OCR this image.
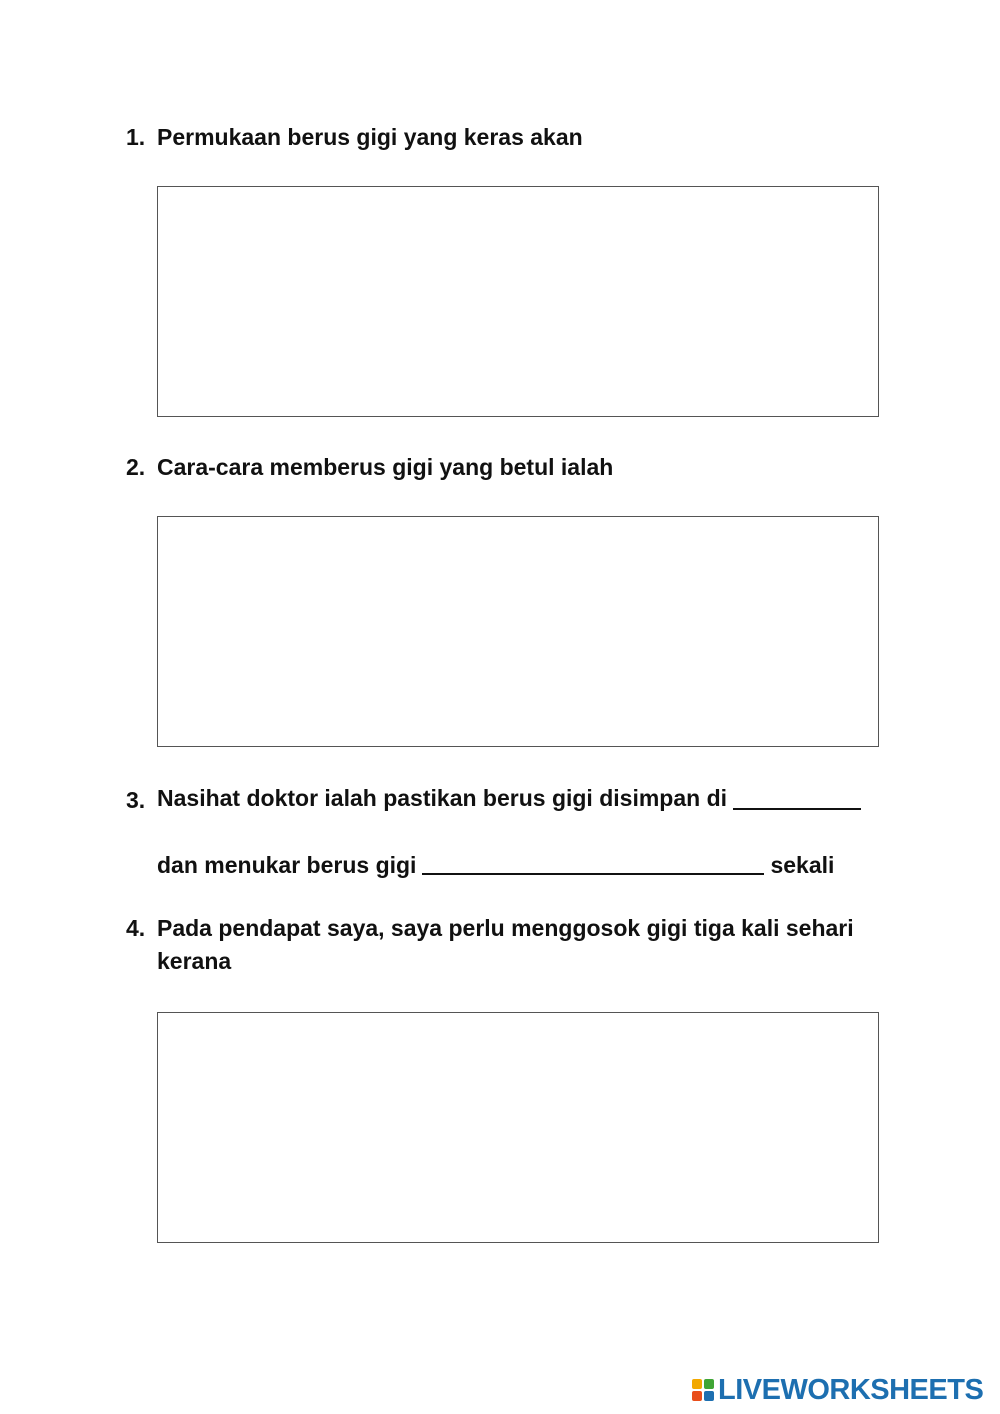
1. Permukaan berus gigi yang keras akan
2. Cara-cara memberus gigi yang betul ialah
3. Nasihat doktor ialah pastikan berus gigi disimpan di
dan menukar berus gigi	sekali
4. Pada pendapat saya, saya perlu menggosok gigi tiga kali sehari
kerana
LIVEWORKSHEETS
